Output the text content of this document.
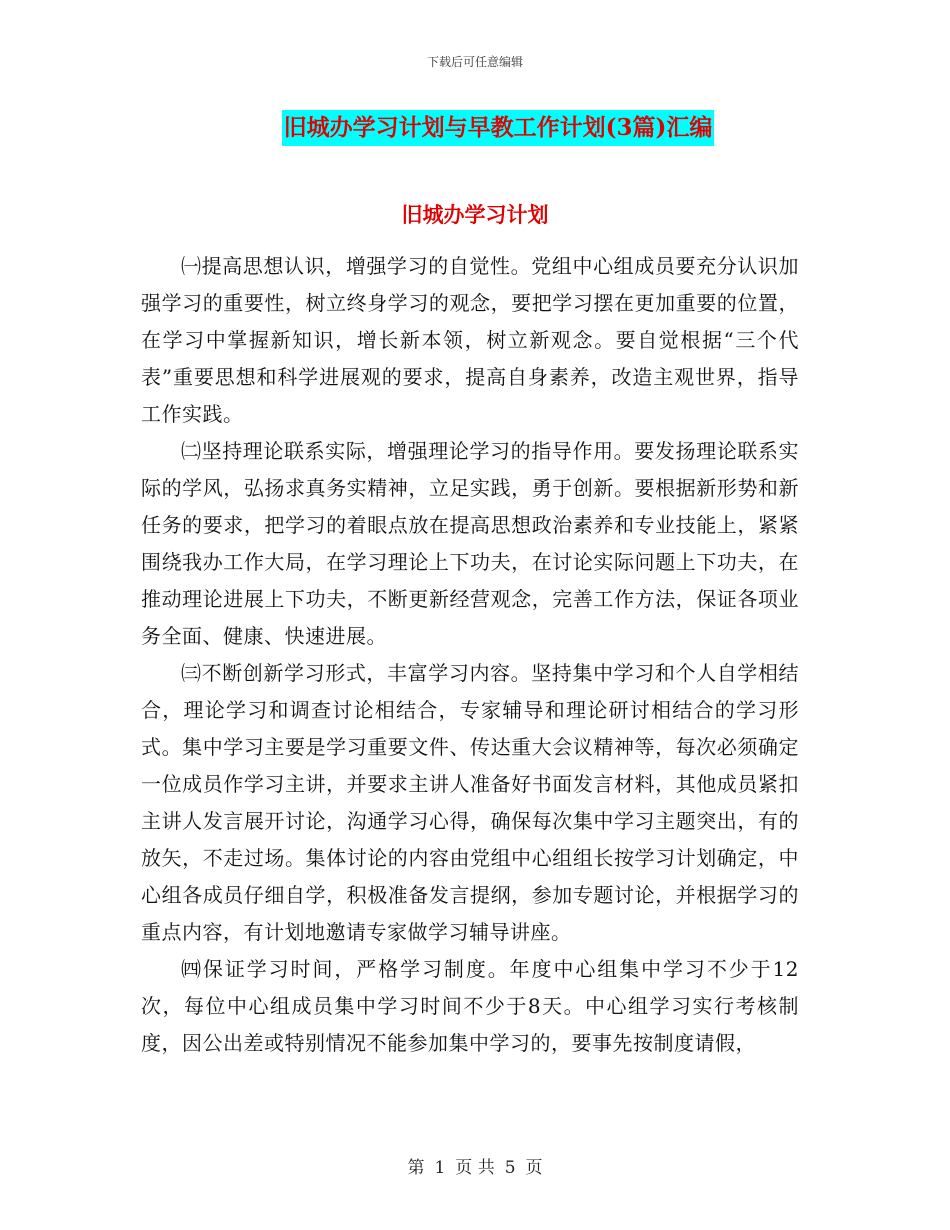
下载后可任意编辑
旧城办学习计划与早教工作计划(3篇)汇编
旧城办学习计划

㈠提高思想认识，增强学习的自觉性。党组中心组成员要充分认识加强学习的重要性，树立终身学习的观念，要把学习摆在更加重要的位置，在学习中掌握新知识，增长新本领，树立新观念。要自觉根据“三个代表”重要思想和科学进展观的要求，提高自身素养，改造主观世界，指导工作实践。

㈡坚持理论联系实际，增强理论学习的指导作用。要发扬理论联系实际的学风，弘扬求真务实精神，立足实践，勇于创新。要根据新形势和新任务的要求，把学习的着眼点放在提高思想政治素养和专业技能上，紧紧围绕我办工作大局，在学习理论上下功夫，在讨论实际问题上下功夫，在推动理论进展上下功夫，不断更新经营观念，完善工作方法，保证各项业务全面、健康、快速进展。

㈢不断创新学习形式，丰富学习内容。坚持集中学习和个人自学相结合，理论学习和调查讨论相结合，专家辅导和理论研讨相结合的学习形式。集中学习主要是学习重要文件、传达重大会议精神等，每次必须确定一位成员作学习主讲，并要求主讲人准备好书面发言材料，其他成员紧扣主讲人发言展开讨论，沟通学习心得，确保每次集中学习主题突出，有的放矢，不走过场。集体讨论的内容由党组中心组组长按学习计划确定，中心组各成员仔细自学，积极准备发言提纲，参加专题讨论，并根据学习的重点内容，有计划地邀请专家做学习辅导讲座。

㈣保证学习时间，严格学习制度。年度中心组集中学习不少于12次，每位中心组成员集中学习时间不少于8天。中心组学习实行考核制度，因公出差或特别情况不能参加集中学习的，要事先按制度请假，

第 1 页 共 5 页
